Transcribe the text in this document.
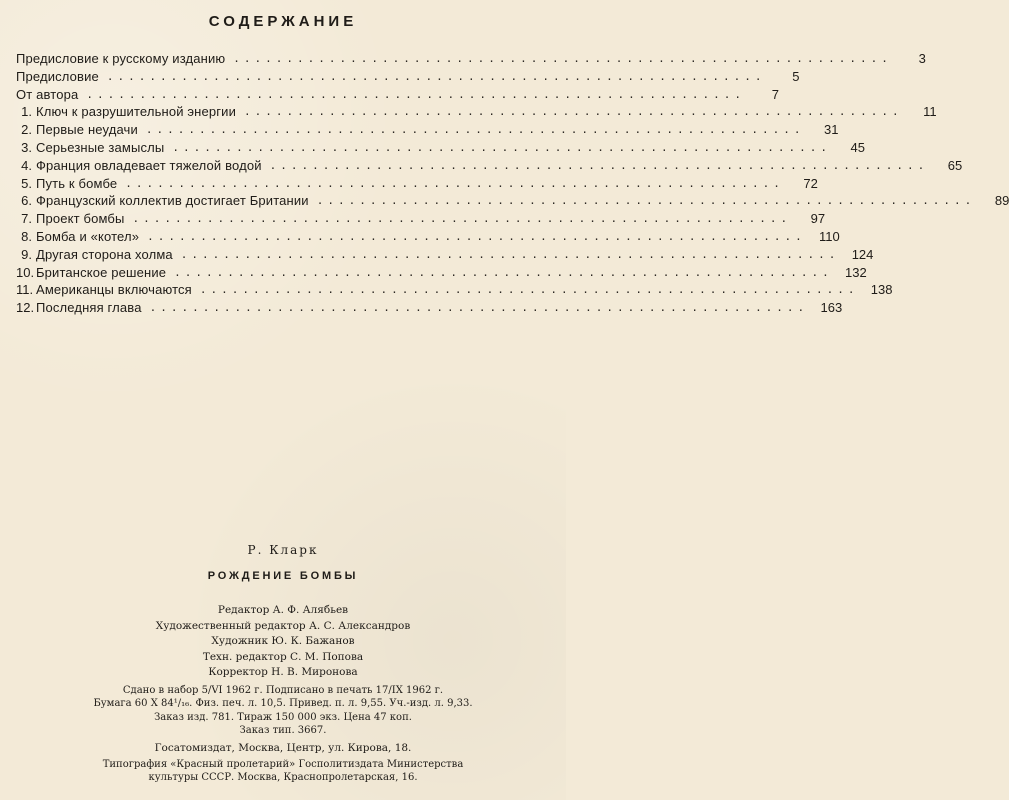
СОДЕРЖАНИЕ
Предисловие к русскому изданию ..............................................................	3
Предисловие ..............................................................	5
От автора ..............................................................	7
1. Ключ к разрушительной энергии ..............................................................	11
2. Первые неудачи ..............................................................	31
3. Серьезные замыслы ..............................................................	45
4. Франция овладевает тяжелой водой ..............................................................	65
5. Путь к бомбе ..............................................................	72
6. Французский коллектив достигает Британии ..............................................................	89
7. Проект бомбы ..............................................................	97
8. Бомба и «котел» ..............................................................	110
9. Другая сторона холма .............................................................. 124
10. Британское решение .............................................................. 132
11. Американцы включаются .............................................................. 138
12. Последняя глава .............................................................. 163
Р. Кларк
РОЖДЕНИЕ БОМБЫ
Редактор А. Ф. Алябьев
Художественный редактор А. С. Александров
Художник Ю. К. Бажанов
Техн. редактор С. М. Попова
Корректор Н. В. Миронова
Сдано в набор 5/VI 1962 г. Подписано в печать 17/IX 1962 г.
Бумага 60 X 84¹/₁₆. Физ. печ. л. 10,5. Привед. п. л. 9,55. Уч.-изд. л. 9,33.
Заказ изд. 781. Тираж 150 000 экз. Цена 47 коп.
Заказ тип. 3667.
Госатомиздат, Москва, Центр, ул. Кирова, 18.
Типография «Красный пролетарий» Госполитиздата Министерства
культуры СССР. Москва, Краснопролетарская, 16.
